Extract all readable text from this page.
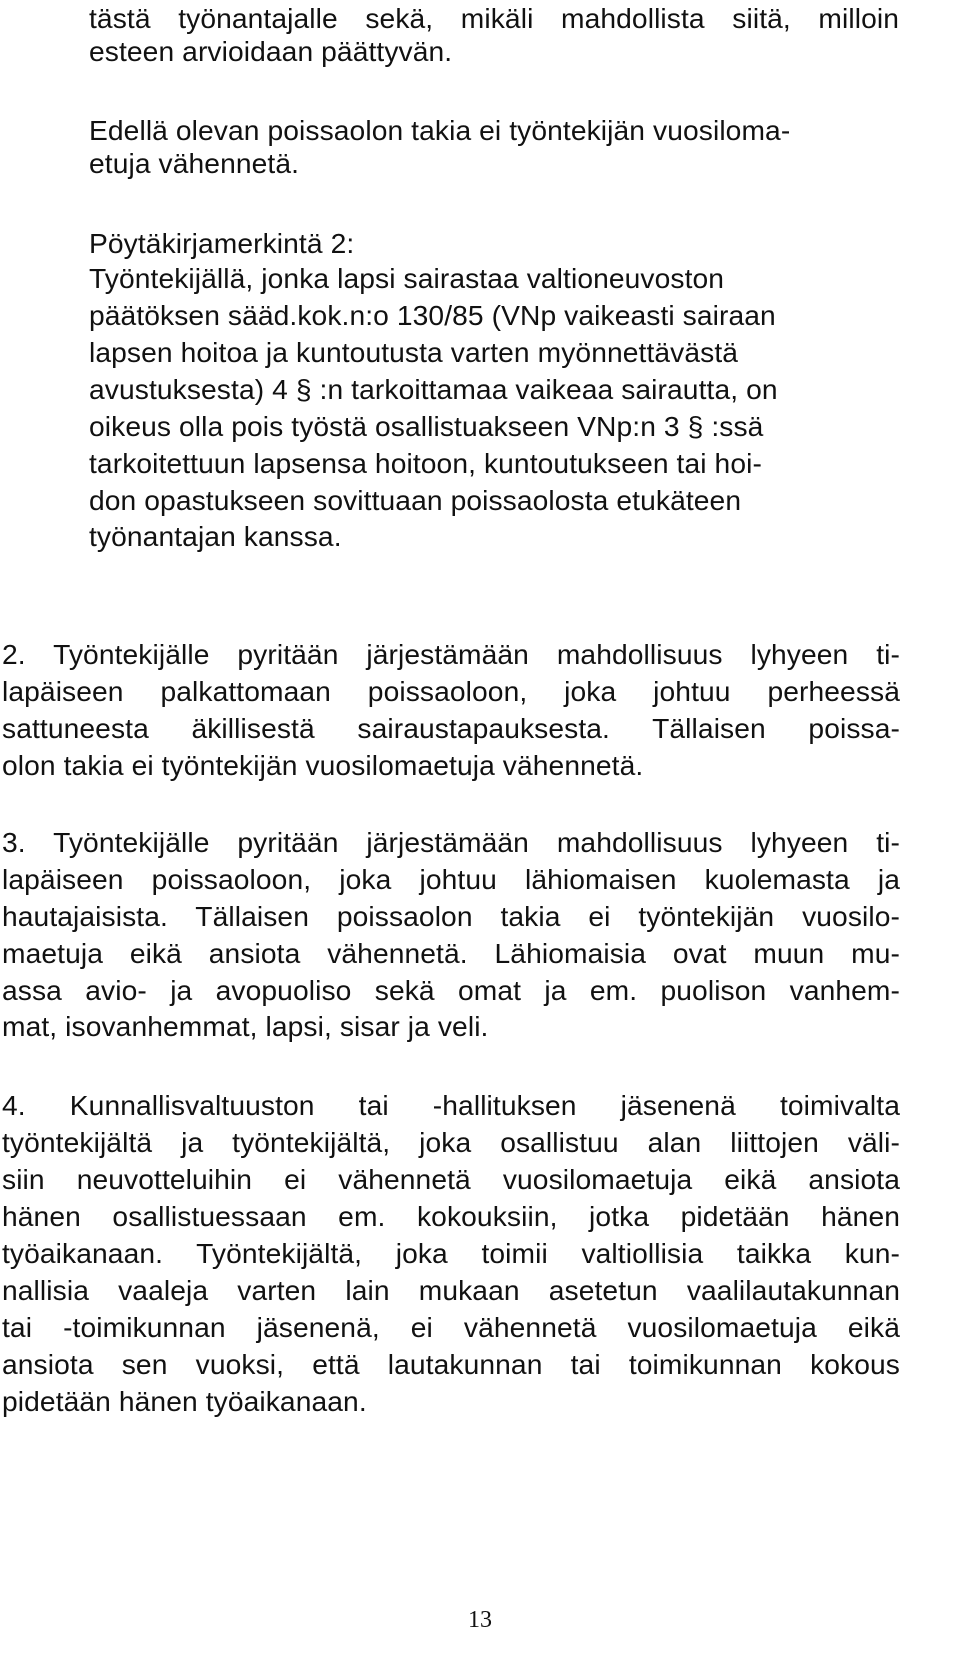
tästä työnantajalle sekä, mikäli mahdollista siitä, milloin

esteen arvioidaan päättyvän.

Edellä olevan poissaolon takia ei työntekijän vuosiloma-

etuja vähennetä.

Pöytäkirjamerkintä 2:

Työntekijällä, jonka lapsi sairastaa valtioneuvoston

päätöksen sääd.kok.n:o 130/85 (VNp vaikeasti sairaan

lapsen hoitoa ja kuntoutusta varten myönnettävästä

avustuksesta) 4 § :n tarkoittamaa vaikeaa sairautta, on

oikeus olla pois työstä osallistuakseen VNp:n 3 § :ssä

tarkoitettuun lapsensa hoitoon, kuntoutukseen tai hoi-

don opastukseen sovittuaan poissaolosta etukäteen

työnantajan kanssa.

2. Työntekijälle pyritään järjestämään mahdollisuus lyhyeen ti-

lapäiseen palkattomaan poissaoloon, joka johtuu perheessä

sattuneesta äkillisestä sairaustapauksesta. Tällaisen poissa-

olon takia ei työntekijän vuosilomaetuja vähennetä.

3. Työntekijälle pyritään järjestämään mahdollisuus lyhyeen ti-

lapäiseen poissaoloon, joka johtuu lähiomaisen kuolemasta ja

hautajaisista. Tällaisen poissaolon takia ei työntekijän vuosilo-

maetuja eikä ansiota vähennetä. Lähiomaisia ovat muun mu-

assa avio- ja avopuoliso sekä omat ja em. puolison vanhem-

mat, isovanhemmat, lapsi, sisar ja veli.

4. Kunnallisvaltuuston tai -hallituksen jäsenenä toimivalta

työntekijältä ja työntekijältä, joka osallistuu alan liittojen väli-

siin neuvotteluihin ei vähennetä vuosilomaetuja eikä ansiota

hänen osallistuessaan em. kokouksiin, jotka pidetään hänen

työaikanaan. Työntekijältä, joka toimii valtiollisia taikka kun-

nallisia vaaleja varten lain mukaan asetetun vaalilautakunnan

tai -toimikunnan jäsenenä, ei vähennetä vuosilomaetuja eikä

ansiota sen vuoksi, että lautakunnan tai toimikunnan kokous

pidetään hänen työaikanaan.

13
